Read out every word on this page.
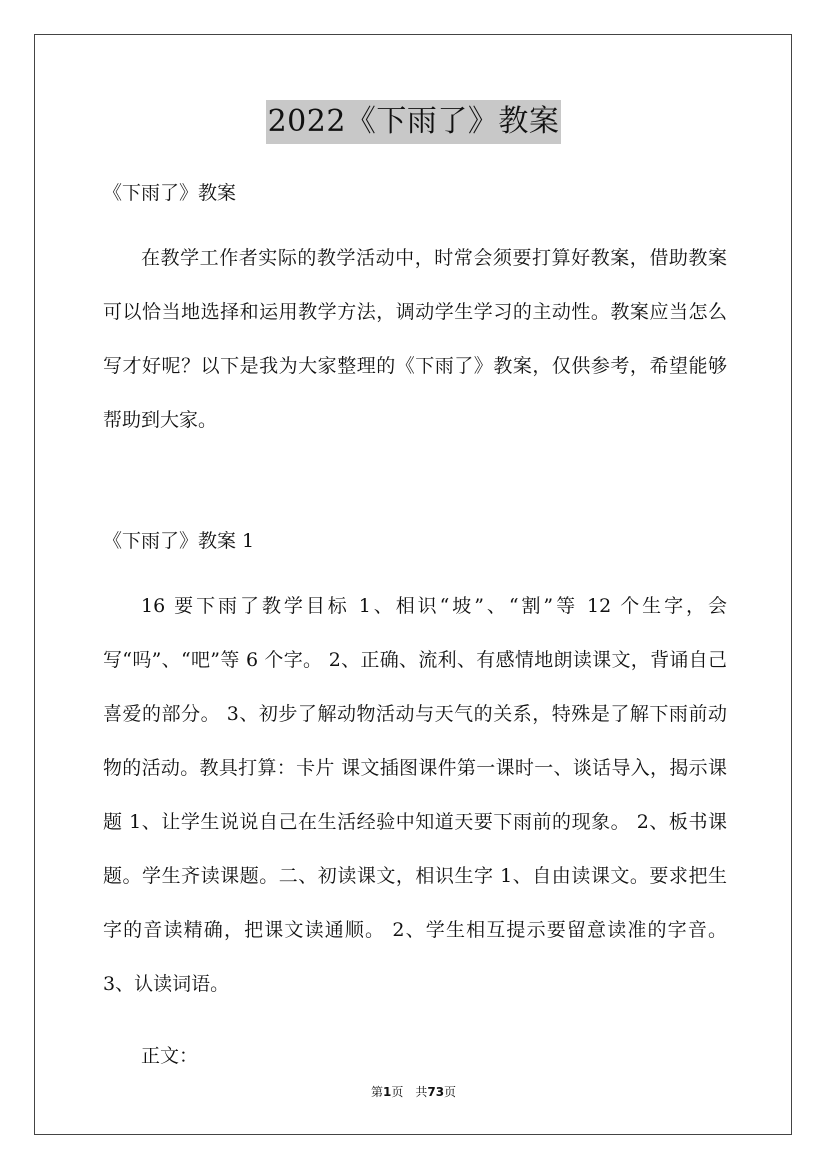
2022《下雨了》教案
《下雨了》教案

在教学工作者实际的教学活动中，时常会须要打算好教案，借助教案可以恰当地选择和运用教学方法，调动学生学习的主动性。教案应当怎么写才好呢？以下是我为大家整理的《下雨了》教案，仅供参考，希望能够帮助到大家。

《下雨了》教案 1

16 要下雨了教学目标 1、相识“坡”、“割”等 12 个生字，会写“吗”、“吧”等 6 个字。 2、正确、流利、有感情地朗读课文，背诵自己喜爱的部分。 3、初步了解动物活动与天气的关系，特殊是了解下雨前动物的活动。教具打算：卡片 课文插图课件第一课时一、谈话导入，揭示课题 1、让学生说说自己在生活经验中知道天要下雨前的现象。 2、板书课题。学生齐读课题。二、初读课文，相识生字 1、自由读课文。要求把生字的音读精确，把课文读通顺。 2、学生相互提示要留意读准的字音。 3、认读词语。

正文：

第1页 共73页
